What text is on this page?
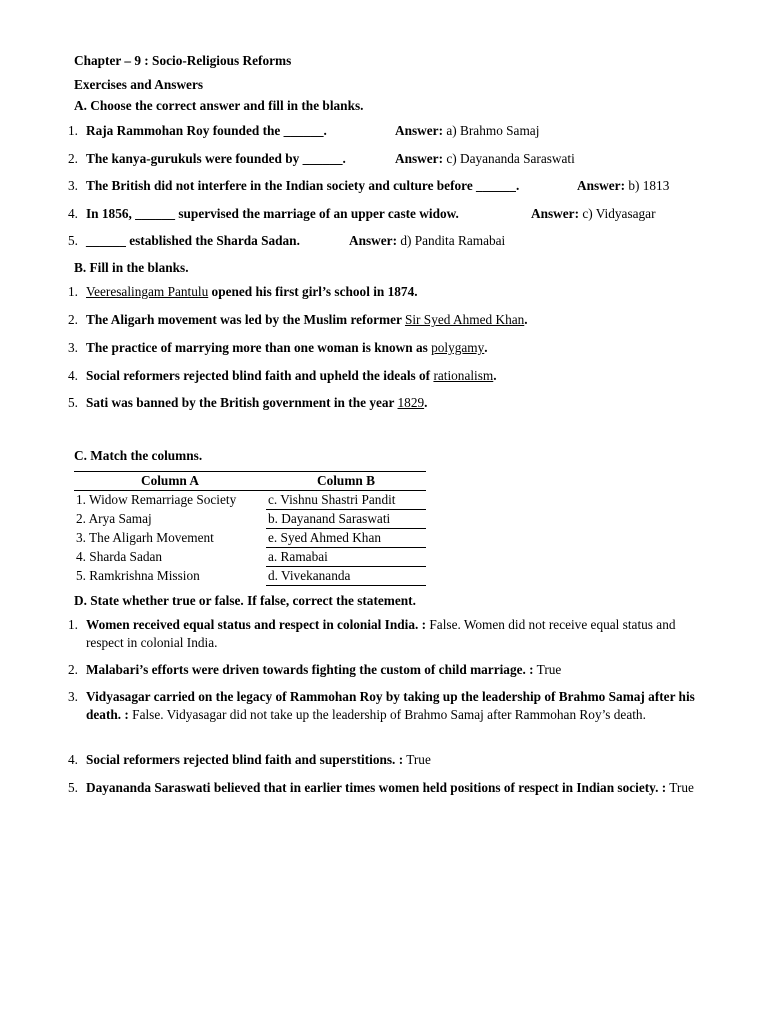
Chapter – 9 : Socio-Religious Reforms
Exercises and Answers
A. Choose the correct answer and fill in the blanks.
1. Raja Rammohan Roy founded the ______.	Answer: a) Brahmo Samaj
2. The kanya-gurukuls were founded by ______.	Answer: c) Dayananda Saraswati
3. The British did not interfere in the Indian society and culture before ______.	Answer: b) 1813
4. In 1856, ______ supervised the marriage of an upper caste widow.	Answer: c) Vidyasagar
5. ______ established the Sharda Sadan.	Answer: d) Pandita Ramabai
B. Fill in the blanks.
1. Veeresalingam Pantulu opened his first girl’s school in 1874.
2. The Aligarh movement was led by the Muslim reformer Sir Syed Ahmed Khan.
3. The practice of marrying more than one woman is known as polygamy.
4. Social reformers rejected blind faith and upheld the ideals of rationalism.
5. Sati was banned by the British government in the year 1829.
C. Match the columns.
Column A	Column B
1. Widow Remarriage Society	c. Vishnu Shastri Pandit
2. Arya Samaj	b. Dayanand Saraswati
3. The Aligarh Movement	e. Syed Ahmed Khan
4. Sharda Sadan	a. Ramabai
5. Ramkrishna Mission	d. Vivekananda
D. State whether true or false. If false, correct the statement.
1. Women received equal status and respect in colonial India. : False. Women did not receive equal status and respect in colonial India.
2. Malabari’s efforts were driven towards fighting the custom of child marriage. : True
3. Vidyasagar carried on the legacy of Rammohan Roy by taking up the leadership of Brahmo Samaj after his death. : False. Vidyasagar did not take up the leadership of Brahmo Samaj after Rammohan Roy’s death.
4. Social reformers rejected blind faith and superstitions. : True
5. Dayananda Saraswati believed that in earlier times women held positions of respect in Indian society. : True
